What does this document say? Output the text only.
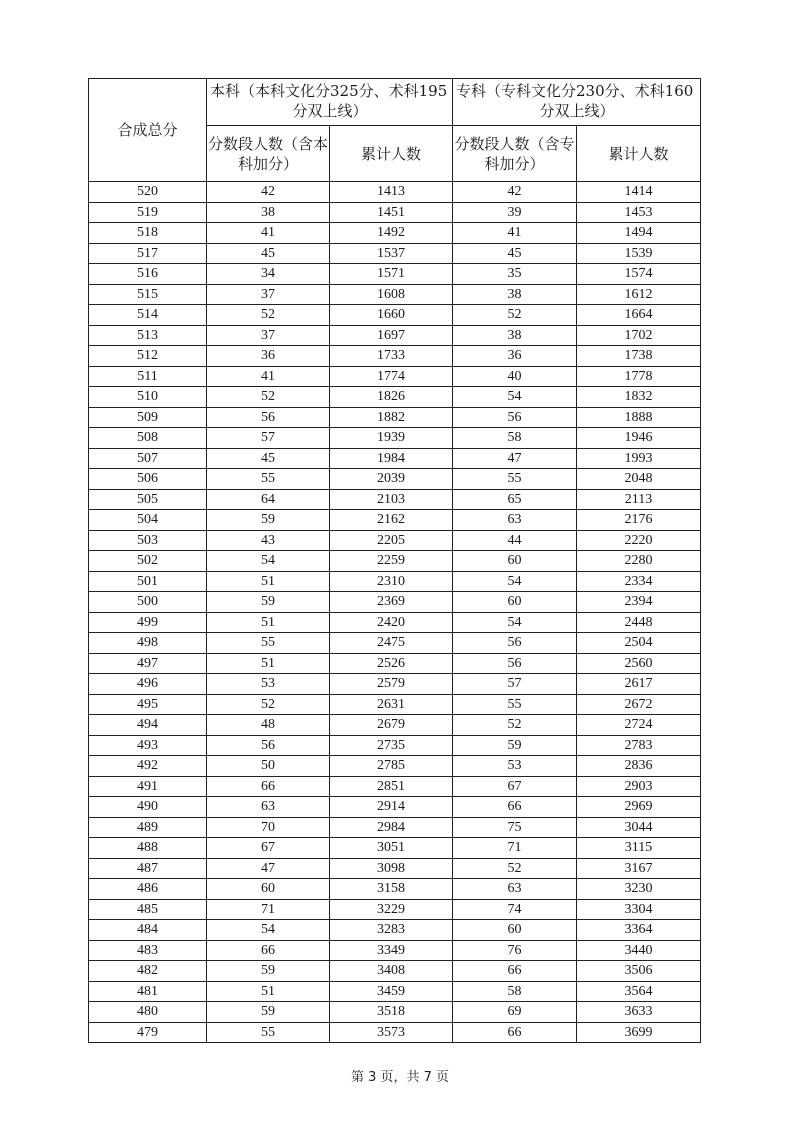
合成总分	本科（本科文化分325分、术科195
分双上线）		专科（专科文化分230分、术科160
分双上线）	

	分数段人数（含本科加分）	累计人数	分数段人数（含专科加分）	累计人数
520	42	1413	42	1414
519	38	1451	39	1453
518	41	1492	41	1494
517	45	1537	45	1539
516	34	1571	35	1574
515	37	1608	38	1612
514	52	1660	52	1664
513	37	1697	38	1702
512	36	1733	36	1738
511	41	1774	40	1778
510	52	1826	54	1832
509	56	1882	56	1888
508	57	1939	58	1946
507	45	1984	47	1993
506	55	2039	55	2048
505	64	2103	65	2113
504	59	2162	63	2176
503	43	2205	44	2220
502	54	2259	60	2280
501	51	2310	54	2334
500	59	2369	60	2394
499	51	2420	54	2448
498	55	2475	56	2504
497	51	2526	56	2560
496	53	2579	57	2617
495	52	2631	55	2672
494	48	2679	52	2724
493	56	2735	59	2783
492	50	2785	53	2836
491	66	2851	67	2903
490	63	2914	66	2969
489	70	2984	75	3044
488	67	3051	71	3115
487	47	3098	52	3167
486	60	3158	63	3230
485	71	3229	74	3304
484	54	3283	60	3364
483	66	3349	76	3440
482	59	3408	66	3506
481	51	3459	58	3564
480	59	3518	69	3633
479	55	3573	66	3699
第 3 页，共 7 页
